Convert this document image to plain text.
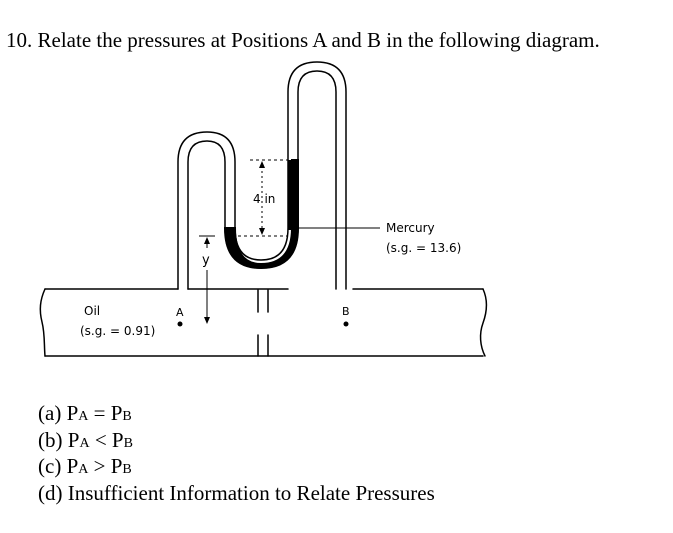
10. Relate the pressures at Positions A and B in the following diagram.
4 in
y
A	B
Oil
(s.g. = 0.91)
Mercury
(s.g. = 13.6)
(a) PA = PB
(b) PA < PB
(c) PA > PB
(d) Insufficient Information to Relate Pressures
